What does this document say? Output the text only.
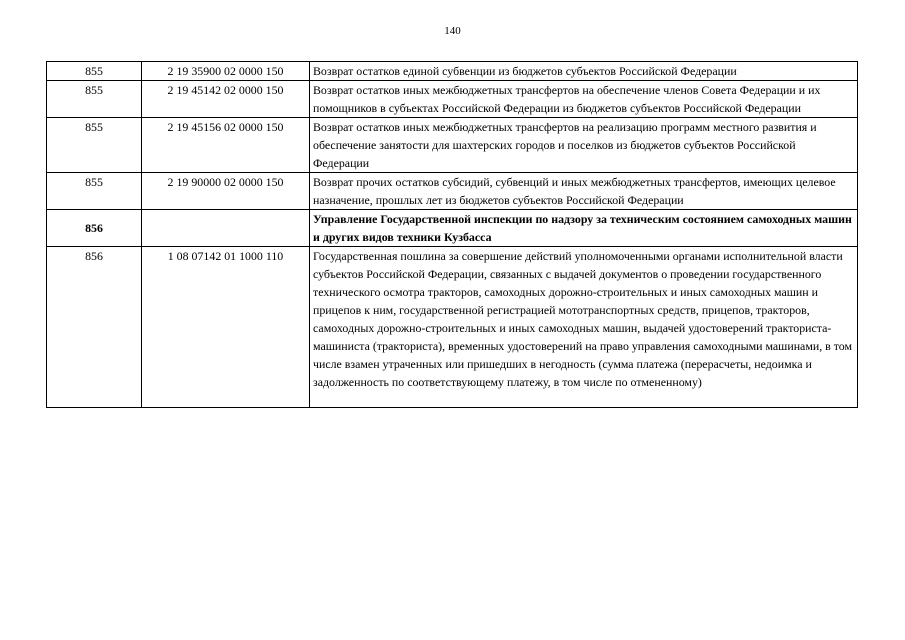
140
855	2 19 35900 02 0000 150	Возврат остатков единой субвенции из бюджетов субъектов Российской Федерации
855	2 19 45142 02 0000 150	Возврат остатков иных межбюджетных трансфертов на обеспечение членов Совета Федерации и их помощников в субъектах Российской Федерации из бюджетов субъектов Российской Федерации
855	2 19 45156 02 0000 150	Возврат остатков иных межбюджетных трансфертов на реализацию программ местного развития и обеспечение занятости для шахтерских городов и поселков из бюджетов субъектов Российской Федерации
855	2 19 90000 02 0000 150	Возврат прочих остатков субсидий, субвенций и иных межбюджетных трансфертов, имеющих целевое назначение, прошлых лет из бюджетов субъектов Российской Федерации
856		Управление Государственной инспекции по надзору за техническим состоянием самоходных машин и других видов техники Кузбасса
856	1 08 07142 01 1000 110	Государственная пошлина за совершение действий уполномоченными органами исполнительной власти субъектов Российской Федерации, связанных с выдачей документов о проведении государственного технического осмотра тракторов, самоходных дорожно-строительных и иных самоходных машин и прицепов к ним, государственной регистрацией мототранспортных средств, прицепов, тракторов, самоходных дорожно-строительных и иных самоходных машин, выдачей удостоверений тракториста-машиниста (тракториста), временных удостоверений на право управления самоходными машинами, в том числе взамен утраченных или пришедших в негодность (сумма платежа (перерасчеты, недоимка и задолженность по соответствующему платежу, в том числе по отмененному)
